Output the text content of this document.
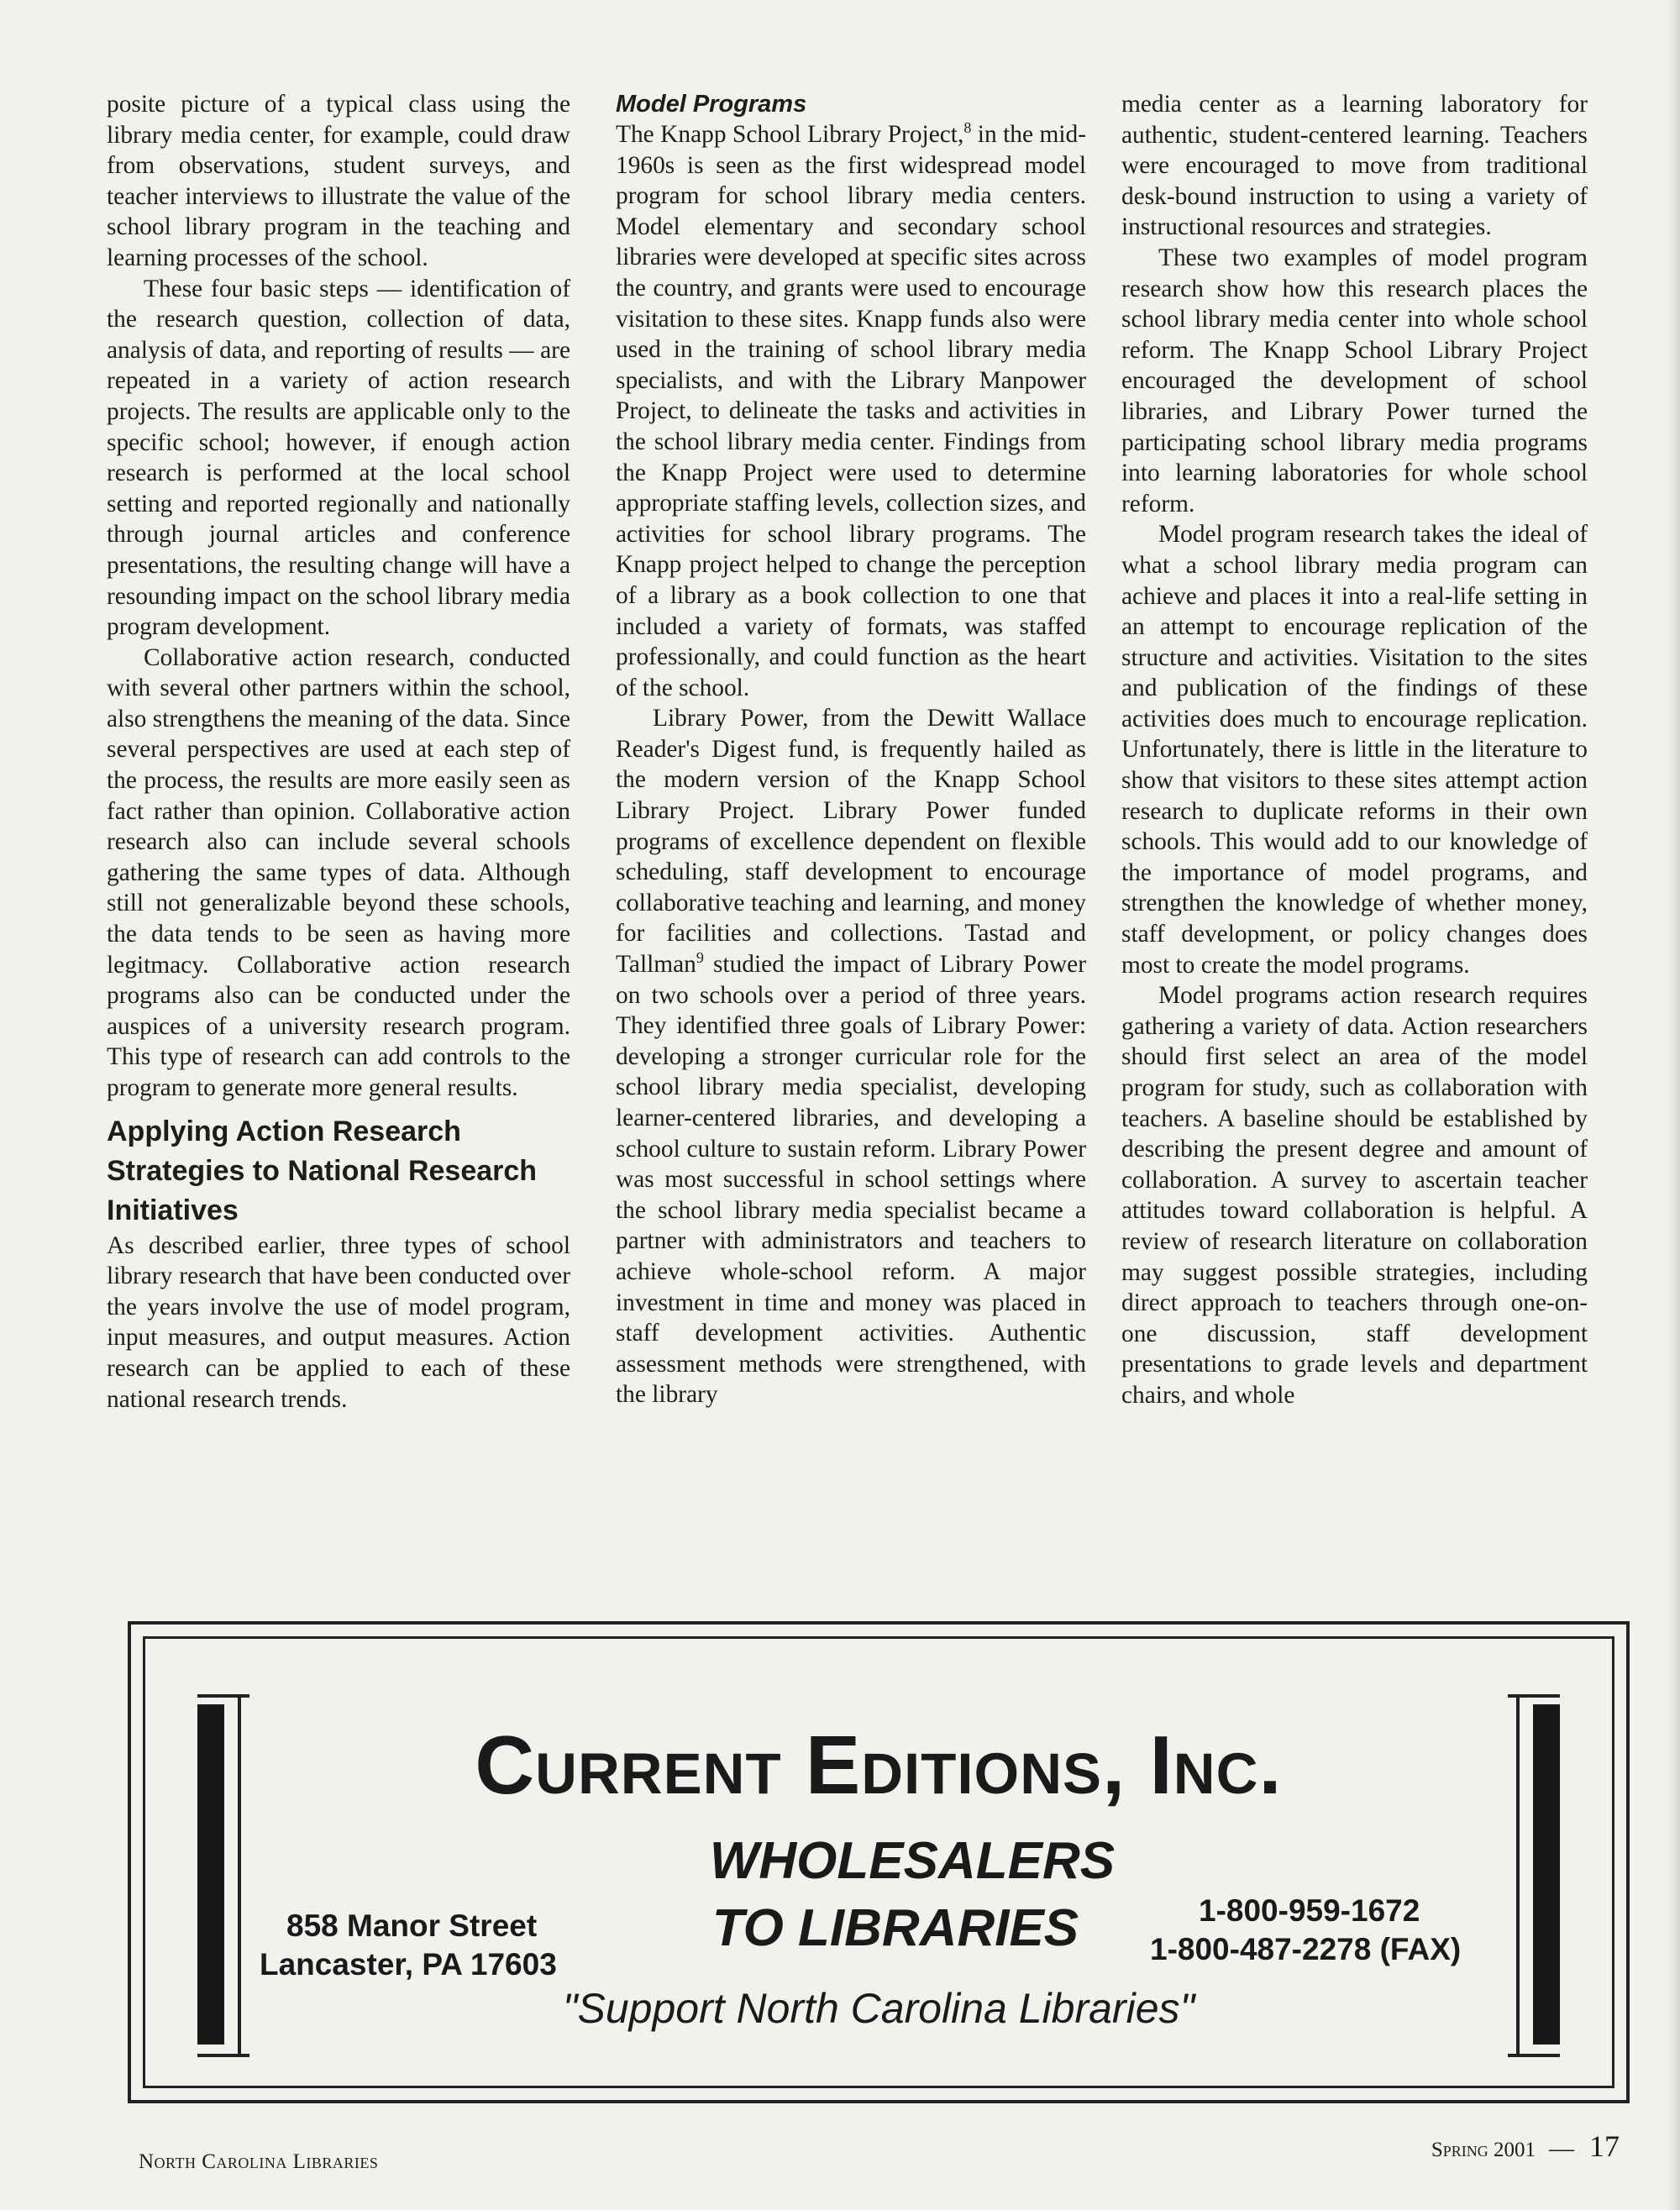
posite picture of a typical class using the library media center, for example, could draw from observations, student surveys, and teacher interviews to illustrate the value of the school library program in the teaching and learning processes of the school.

These four basic steps — identification of the research question, collection of data, analysis of data, and reporting of results — are repeated in a variety of action research projects. The results are applicable only to the specific school; however, if enough action research is performed at the local school setting and reported regionally and nationally through journal articles and conference presentations, the resulting change will have a resounding impact on the school library media program development.

Collaborative action research, conducted with several other partners within the school, also strengthens the meaning of the data. Since several perspectives are used at each step of the process, the results are more easily seen as fact rather than opinion. Collaborative action research also can include several schools gathering the same types of data. Although still not generalizable beyond these schools, the data tends to be seen as having more legitmacy. Collaborative action research programs also can be conducted under the auspices of a university research program. This type of research can add controls to the program to generate more general results.

Applying Action Research Strategies to National Research Initiatives

As described earlier, three types of school library research that have been conducted over the years involve the use of model program, input measures, and output measures. Action research can be applied to each of these national research trends.

Model Programs

The Knapp School Library Project,$^8$ in the mid-1960s is seen as the first widespread model program for school library media centers. Model elementary and secondary school libraries were developed at specific sites across the country, and grants were used to encourage visitation to these sites. Knapp funds also were used in the training of school library media specialists, and with the Library Manpower Project, to delineate the tasks and activities in the school library media center. Findings from the Knapp Project were used to determine appropriate staffing levels, collection sizes, and activities for school library programs. The Knapp project helped to change the perception of a library as a book collection to one that included a variety of formats, was staffed professionally, and could function as the heart of the school.

Library Power, from the Dewitt Wallace Reader's Digest fund, is frequently hailed as the modern version of the Knapp School Library Project. Library Power funded programs of excellence dependent on flexible scheduling, staff development to encourage collaborative teaching and learning, and money for facilities and collections. Tastad and Tallman$^9$ studied the impact of Library Power on two schools over a period of three years. They identified three goals of Library Power: developing a stronger curricular role for the school library media specialist, developing learner-centered libraries, and developing a school culture to sustain reform. Library Power was most successful in school settings where the school library media specialist became a partner with administrators and teachers to achieve whole-school reform. A major investment in time and money was placed in staff development activities. Authentic assessment methods were strengthened, with the library

media center as a learning laboratory for authentic, student-centered learning. Teachers were encouraged to move from traditional desk-bound instruction to using a variety of instructional resources and strategies.

These two examples of model program research show how this research places the school library media center into whole school reform. The Knapp School Library Project encouraged the development of school libraries, and Library Power turned the participating school library media programs into learning laboratories for whole school reform.

Model program research takes the ideal of what a school library media program can achieve and places it into a real-life setting in an attempt to encourage replication of the structure and activities. Visitation to the sites and publication of the findings of these activities does much to encourage replication. Unfortunately, there is little in the literature to show that visitors to these sites attempt action research to duplicate reforms in their own schools. This would add to our knowledge of the importance of model programs, and strengthen the knowledge of whether money, staff development, or policy changes does most to create the model programs.

Model programs action research requires gathering a variety of data. Action researchers should first select an area of the model program for study, such as collaboration with teachers. A baseline should be established by describing the present degree and amount of collaboration. A survey to ascertain teacher attitudes toward collaboration is helpful. A review of research literature on collaboration may suggest possible strategies, including direct approach to teachers through one-on-one discussion, staff development presentations to grade levels and department chairs, and whole

Current Editions, Inc.
WHOLESALERS
TO LIBRARIES
858 Manor Street
Lancaster, PA 17603
1-800-959-1672
1-800-487-2278 (FAX)
"Support North Carolina Libraries"
North Carolina Libraries
Spring 2001 — 17
